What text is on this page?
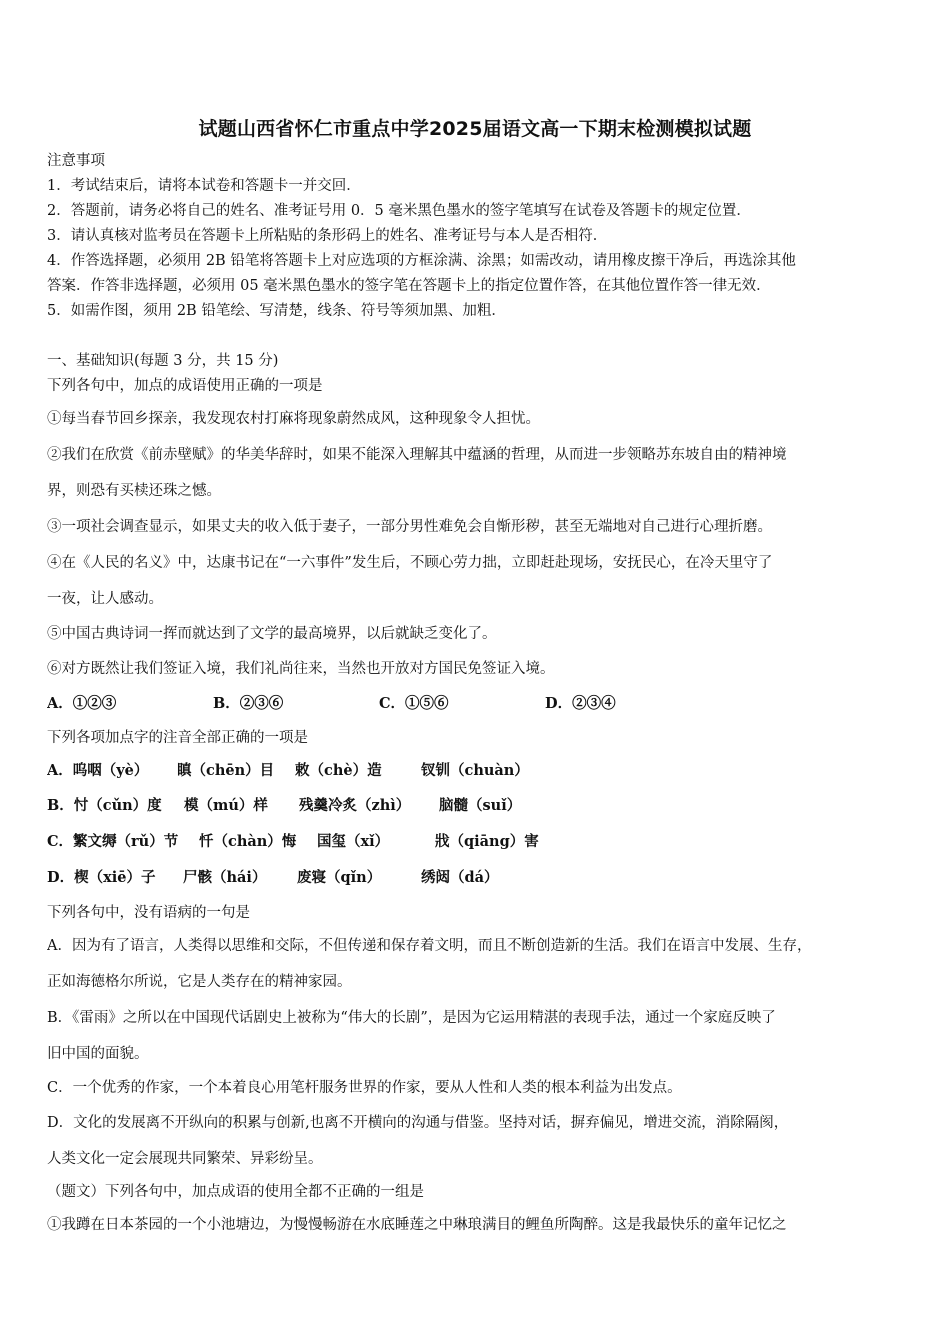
试题山西省怀仁市重点中学2025届语文高一下期末检测模拟试题
注意事项
1．考试结束后，请将本试卷和答题卡一并交回．
2．答题前，请务必将自己的姓名、准考证号用 0．5 毫米黑色墨水的签字笔填写在试卷及答题卡的规定位置．
3．请认真核对监考员在答题卡上所粘贴的条形码上的姓名、准考证号与本人是否相符．
4．作答选择题，必须用 2B 铅笔将答题卡上对应选项的方框涂满、涂黑；如需改动，请用橡皮擦干净后，再选涂其他
答案．作答非选择题，必须用 05 毫米黑色墨水的签字笔在答题卡上的指定位置作答，在其他位置作答一律无效．
5．如需作图，须用 2B 铅笔绘、写清楚，线条、符号等须加黑、加粗．
一、基础知识(每题 3 分，共 15 分)
下列各句中，加点的成语使用正确的一项是
①每当春节回乡探亲，我发现农村打麻将现象蔚然成风，这种现象令人担忧。
②我们在欣赏《前赤壁赋》的华美华辞时，如果不能深入理解其中蕴涵的哲理，从而进一步领略苏东坡自由的精神境
界，则恐有买椟还珠之憾。
③一项社会调查显示，如果丈夫的收入低于妻子，一部分男性难免会自惭形秽，甚至无端地对自己进行心理折磨。
④在《人民的名义》中，达康书记在“一六事件”发生后，不顾心劳力拙，立即赶赴现场，安抚民心，在冷天里守了
一夜，让人感动。
⑤中国古典诗词一挥而就达到了文学的最高境界，以后就缺乏变化了。
⑥对方既然让我们签证入境，我们礼尚往来，当然也开放对方国民免签证入境。
A．①②③	B．②③⑥	C．①⑤⑥	D．②③④
下列各项加点字的注音全部正确的一项是
A．呜咽（yè） 瞋（chēn）目 敕（chè）造	钗钏（chuàn）
B．忖（cǔn）度 模（mú）样 残羹冷炙（zhì） 脑髓（suǐ）
C．繁文缛（rǔ）节 忏（chàn）悔 国玺（xǐ）	戕（qiāng）害
D．楔（xiē）子 尸骸（hái） 废寝（qǐn）	绣闼（dá）
下列各句中，没有语病的一句是
A．因为有了语言，人类得以思维和交际，不但传递和保存着文明，而且不断创造新的生活。我们在语言中发展、生存，
正如海德格尔所说，它是人类存在的精神家园。
B．《雷雨》之所以在中国现代话剧史上被称为“伟大的长剧”，是因为它运用精湛的表现手法，通过一个家庭反映了
旧中国的面貌。
C．一个优秀的作家，一个本着良心用笔杆服务世界的作家，要从人性和人类的根本利益为出发点。
D．文化的发展离不开纵向的积累与创新,也离不开横向的沟通与借鉴。坚持对话，摒弃偏见，增进交流，消除隔阂，
人类文化一定会展现共同繁荣、异彩纷呈。
（题文）下列各句中，加点成语的使用全都不正确的一组是
①我蹲在日本茶园的一个小池塘边，为慢慢畅游在水底睡莲之中琳琅满目的鲤鱼所陶醉。这是我最快乐的童年记忆之
